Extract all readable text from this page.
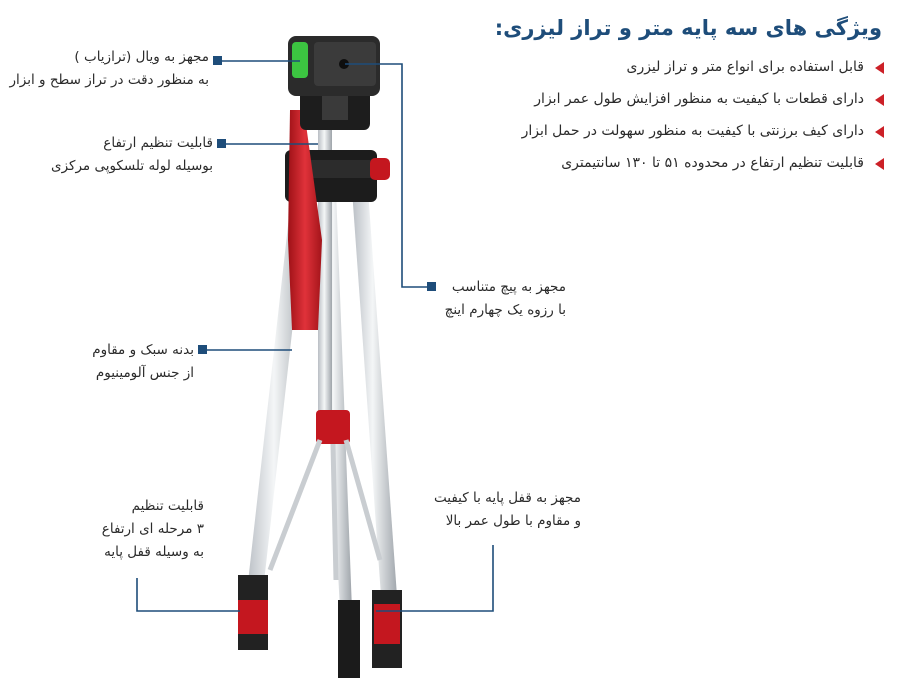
ویژگی های سه پایه متر و تراز لیزری:
قابل استفاده برای انواع متر و تراز لیزری
دارای قطعات با کیفیت به منظور افزایش طول عمر ابزار
دارای کیف برزنتی با کیفیت به منظور سهولت در حمل ابزار
قابلیت تنظیم ارتفاع در محدوده ۵۱ تا ۱۳۰ سانتیمتری
مجهز به ویال (ترازیاب )
به منظور دقت در تراز سطح و ابزار
قابلیت تنظیم ارتفاع
بوسیله لوله تلسکوپی مرکزی
بدنه سبک و مقاوم
از جنس آلومینیوم
قابلیت تنظیم
۳ مرحله ای ارتفاع
به وسیله قفل پایه
مجهز به پیچ متناسب
با رزوه یک چهارم اینچ
مجهز به قفل پایه با کیفیت
و مقاوم با طول عمر بالا
